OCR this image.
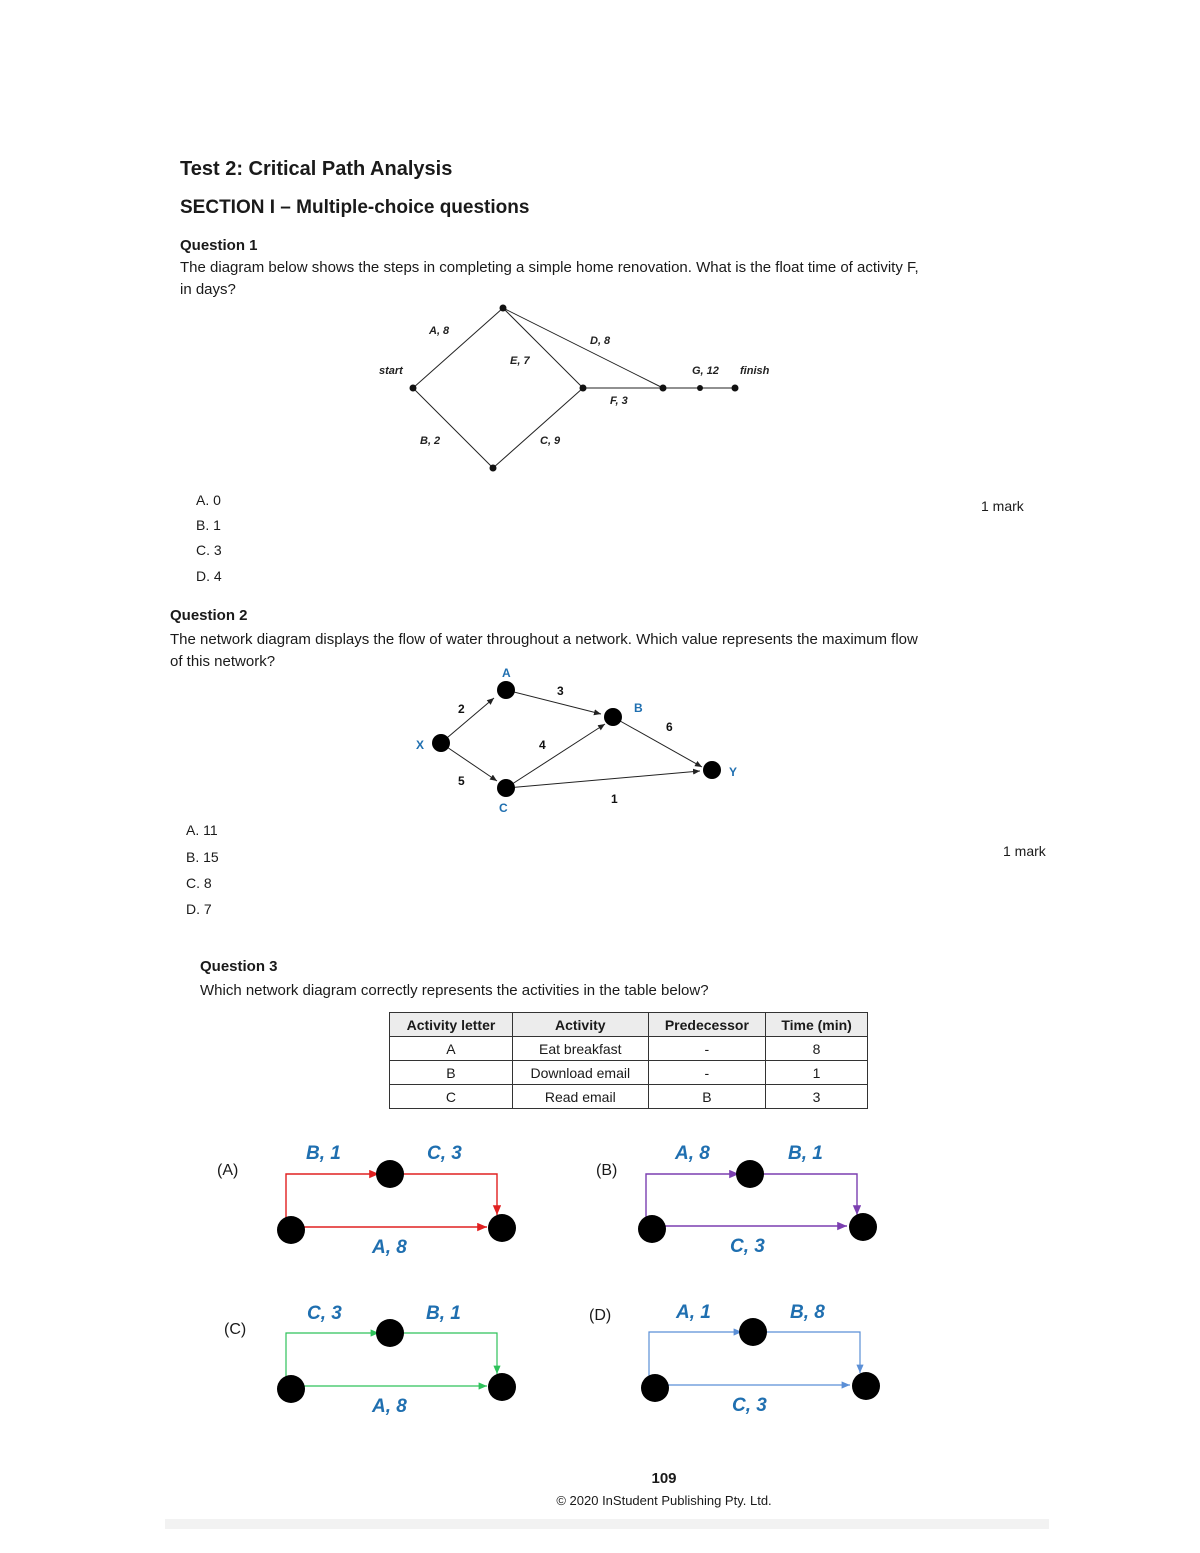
Test 2: Critical Path Analysis
SECTION I – Multiple-choice questions
Question 1
The diagram below shows the steps in completing a simple home renovation. What is the float time of activity F,
in days?
start	finish
A, 8
B, 2
E, 7
C, 9
D, 8
F, 3
G, 12
A. 0
B. 1
C. 3
D. 4
1 mark
Question 2
The network diagram displays the flow of water throughout a network. Which value represents the maximum flow
of this network?
X
A
B
C
Y
2
3
4
5
6
1
A. 11
B. 15
C. 8
D. 7
1 mark
Question 3
Which network diagram correctly represents the activities in the table below?
Activity letter	Activity	Predecessor	Time (min)
A	Eat breakfast	-	8
B	Download email	-	1
C	Read email	B	3
(A)	(B)
(C)
(D)
B, 1	C, 3
A, 8
A, 8	B, 1
C, 3
C, 3	B, 1
A, 8
A, 1	B, 8
C, 3
109
© 2020 InStudent Publishing Pty. Ltd.
